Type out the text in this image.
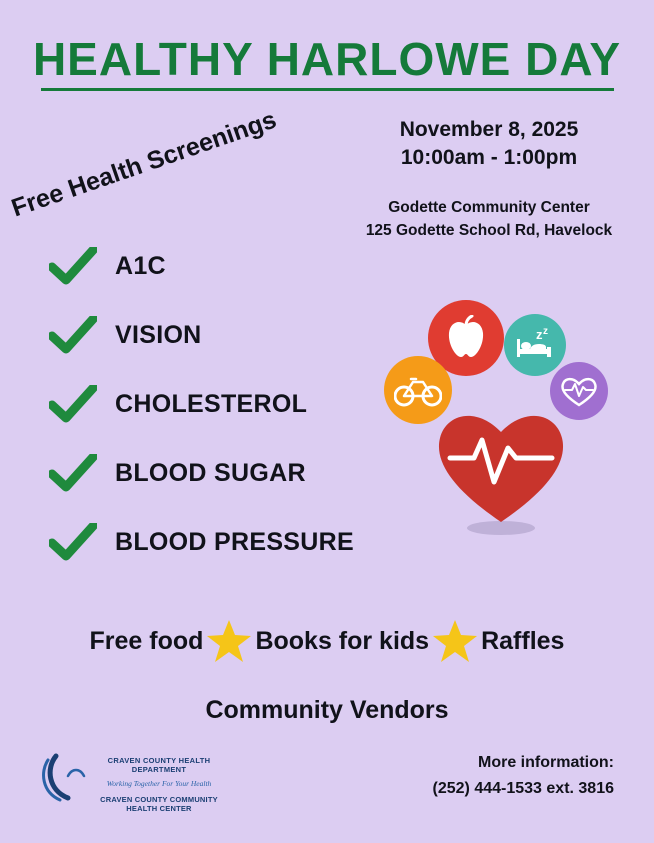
HEALTHY HARLOWE DAY
November 8, 2025
10:00am - 1:00pm
Godette Community Center
125 Godette School Rd, Havelock
Free Health Screenings
A1C
VISION
CHOLESTEROL
BLOOD SUGAR
BLOOD PRESSURE
z z
Free food Books for kids Raffles
Community Vendors
CRAVEN COUNTY HEALTH DEPARTMENT
Working Together For Your Health
CRAVEN COUNTY COMMUNITY HEALTH CENTER
More information:
(252) 444-1533 ext. 3816
